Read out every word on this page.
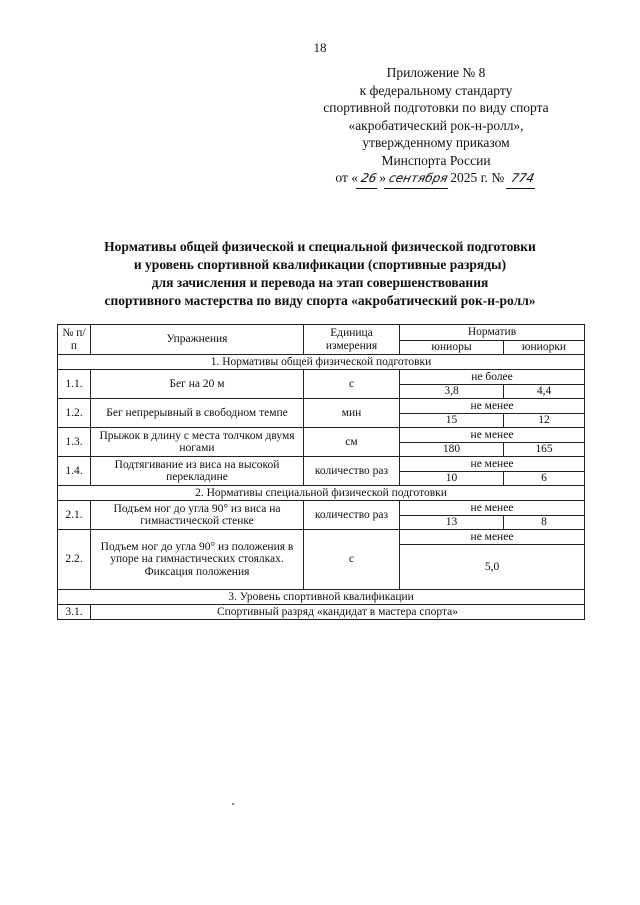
18
Приложение № 8
к федеральному стандарту
спортивной подготовки по виду спорта
«акробатический рок-н-ролл»,
утвержденному приказом
Минспорта России
от « 26» сентября2025 г. № 774
Нормативы общей физической и специальной физической подготовки
и уровень спортивной квалификации (спортивные разряды)
для зачисления и перевода на этап совершенствования
спортивного мастерства по виду спорта «акробатический рок-н-ролл»
№ п/п	Упражнения	Единица измерения	Норматив	
			юниоры	юниорки
1. Нормативы общей физической подготовки				
1.1.	Бег на 20 м	с	не более	
			3,8	4,4
1.2.	Бег непрерывный в свободном темпе	мин	не менее	
			15	12
1.3.	Прыжок в длину с места толчком двумя ногами	см	не менее	
			180	165
1.4.	Подтягивание из виса на высокой перекладине	количество раз	не менее	
			10	6
2. Нормативы специальной физической подготовки				
2.1.	Подъем ног до угла 90° из виса на гимнастической стенке	количество раз	не менее	
			13	8
2.2.	Подъем ног до угла 90° из положения в упоре на гимнастических стоялках. Фиксация положения	с	не менее	
			5,0	
3. Уровень спортивной квалификации				
3.1.	Спортивный разряд «кандидат в мастера спорта»			
